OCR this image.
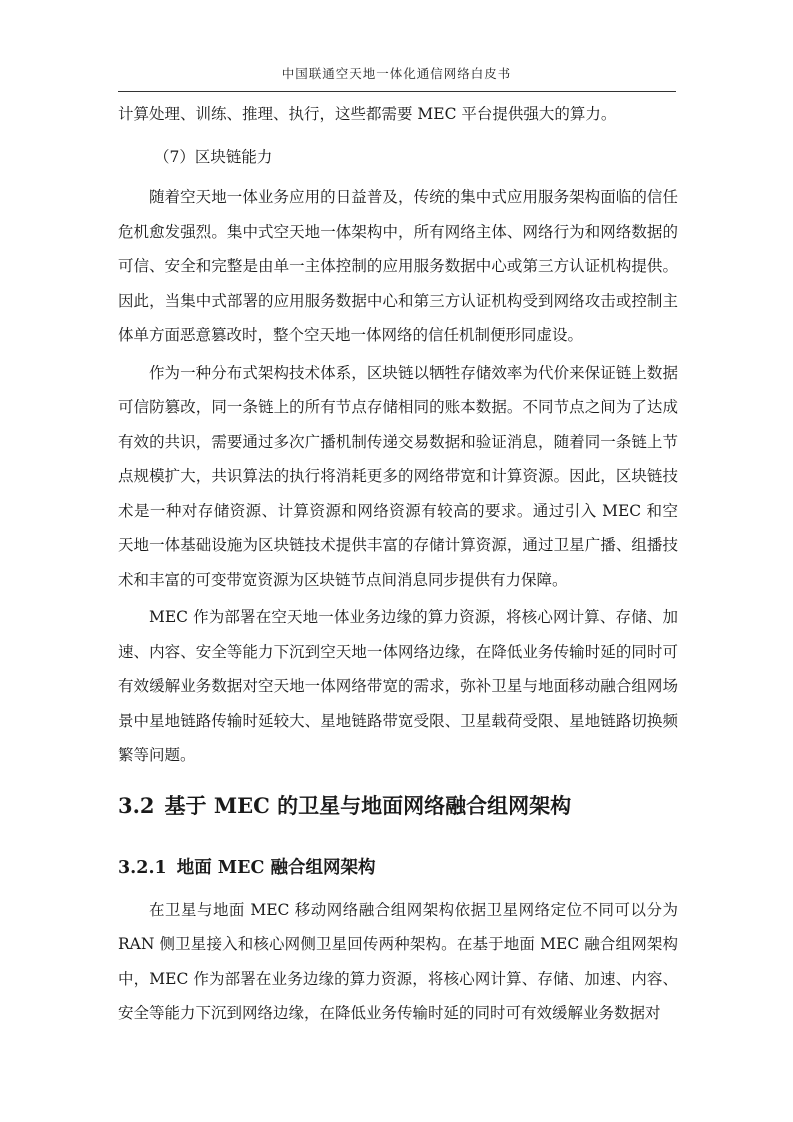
中国联通空天地一体化通信网络白皮书

计算处理、训练、推理、执行，这些都需要 MEC 平台提供强大的算力。

（7）区块链能力

随着空天地一体业务应用的日益普及，传统的集中式应用服务架构面临的信任危机愈发强烈。集中式空天地一体架构中，所有网络主体、网络行为和网络数据的可信、安全和完整是由单一主体控制的应用服务数据中心或第三方认证机构提供。因此，当集中式部署的应用服务数据中心和第三方认证机构受到网络攻击或控制主体单方面恶意篡改时，整个空天地一体网络的信任机制便形同虚设。

作为一种分布式架构技术体系，区块链以牺牲存储效率为代价来保证链上数据可信防篡改，同一条链上的所有节点存储相同的账本数据。不同节点之间为了达成有效的共识，需要通过多次广播机制传递交易数据和验证消息，随着同一条链上节点规模扩大，共识算法的执行将消耗更多的网络带宽和计算资源。因此，区块链技术是一种对存储资源、计算资源和网络资源有较高的要求。通过引入 MEC 和空天地一体基础设施为区块链技术提供丰富的存储计算资源，通过卫星广播、组播技术和丰富的可变带宽资源为区块链节点间消息同步提供有力保障。

MEC 作为部署在空天地一体业务边缘的算力资源，将核心网计算、存储、加速、内容、安全等能力下沉到空天地一体网络边缘，在降低业务传输时延的同时可有效缓解业务数据对空天地一体网络带宽的需求，弥补卫星与地面移动融合组网场景中星地链路传输时延较大、星地链路带宽受限、卫星载荷受限、星地链路切换频繁等问题。

3.2 基于 MEC 的卫星与地面网络融合组网架构
3.2.1 地面 MEC 融合组网架构

在卫星与地面 MEC 移动网络融合组网架构依据卫星网络定位不同可以分为 RAN 侧卫星接入和核心网侧卫星回传两种架构。在基于地面 MEC 融合组网架构中，MEC 作为部署在业务边缘的算力资源，将核心网计算、存储、加速、内容、安全等能力下沉到网络边缘，在降低业务传输时延的同时可有效缓解业务数据对
